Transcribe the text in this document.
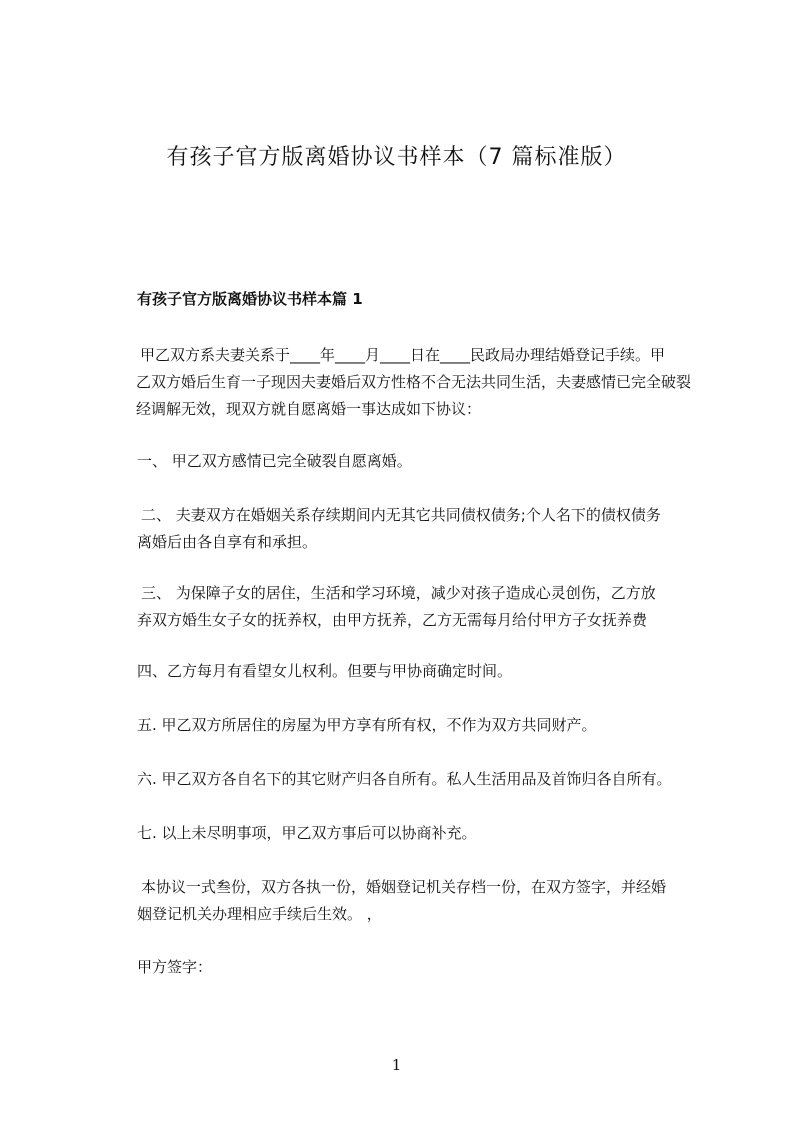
有孩子官方版离婚协议书样本（7 篇标准版）
有孩子官方版离婚协议书样本篇 1
甲乙双方系夫妻关系于____年____月____日在____民政局办理结婚登记手续。甲
乙双方婚后生育一子现因夫妻婚后双方性格不合无法共同生活，夫妻感情已完全破裂
经调解无效，现双方就自愿离婚一事达成如下协议：
一、 甲乙双方感情已完全破裂自愿离婚。
二、 夫妻双方在婚姻关系存续期间内无其它共同债权债务;个人名下的债权债务
离婚后由各自享有和承担。
三、 为保障子女的居住，生活和学习环境，减少对孩子造成心灵创伤，乙方放
弃双方婚生女子女的抚养权，由甲方抚养，乙方无需每月给付甲方子女抚养费
四、乙方每月有看望女儿权利。但要与甲协商确定时间。
五. 甲乙双方所居住的房屋为甲方享有所有权，不作为双方共同财产。
六. 甲乙双方各自名下的其它财产归各自所有。私人生活用品及首饰归各自所有。
七. 以上未尽明事项，甲乙双方事后可以协商补充。
本协议一式叁份，双方各执一份，婚姻登记机关存档一份，在双方签字，并经婚
姻登记机关办理相应手续后生效。 ，
甲方签字：
1
